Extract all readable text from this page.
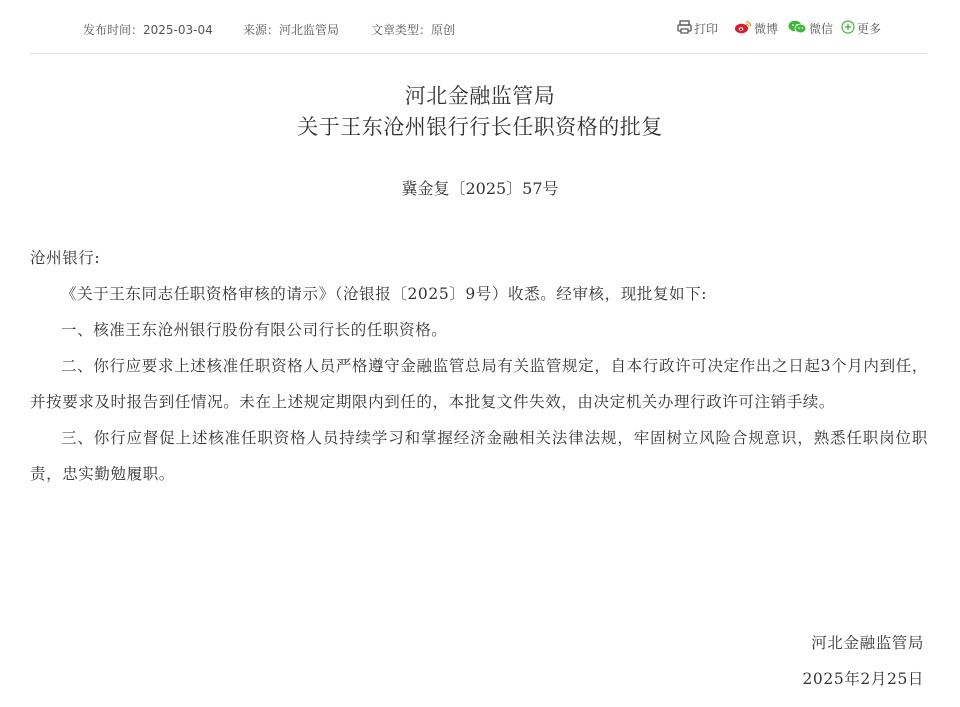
发布时间：2025-03-04	来源：河北监管局	文章类型：原创	打印	微博	微信 更多
河北金融监管局
关于王东沧州银行行长任职资格的批复
冀金复〔2025〕57号
沧州银行:
《关于王东同志任职资格审核的请示》（沧银报〔2025〕9号）收悉。经审核，现批复如下:
一、核准王东沧州银行股份有限公司行长的任职资格。
二、你行应要求上述核准任职资格人员严格遵守金融监管总局有关监管规定，自本行政许可决定作出之日起3个月内到任，并按要求及时报告到任情况。未在上述规定期限内到任的，本批复文件失效，由决定机关办理行政许可注销手续。
三、你行应督促上述核准任职资格人员持续学习和掌握经济金融相关法律法规，牢固树立风险合规意识，熟悉任职岗位职责，忠实勤勉履职。
河北金融监管局
2025年2月25日
